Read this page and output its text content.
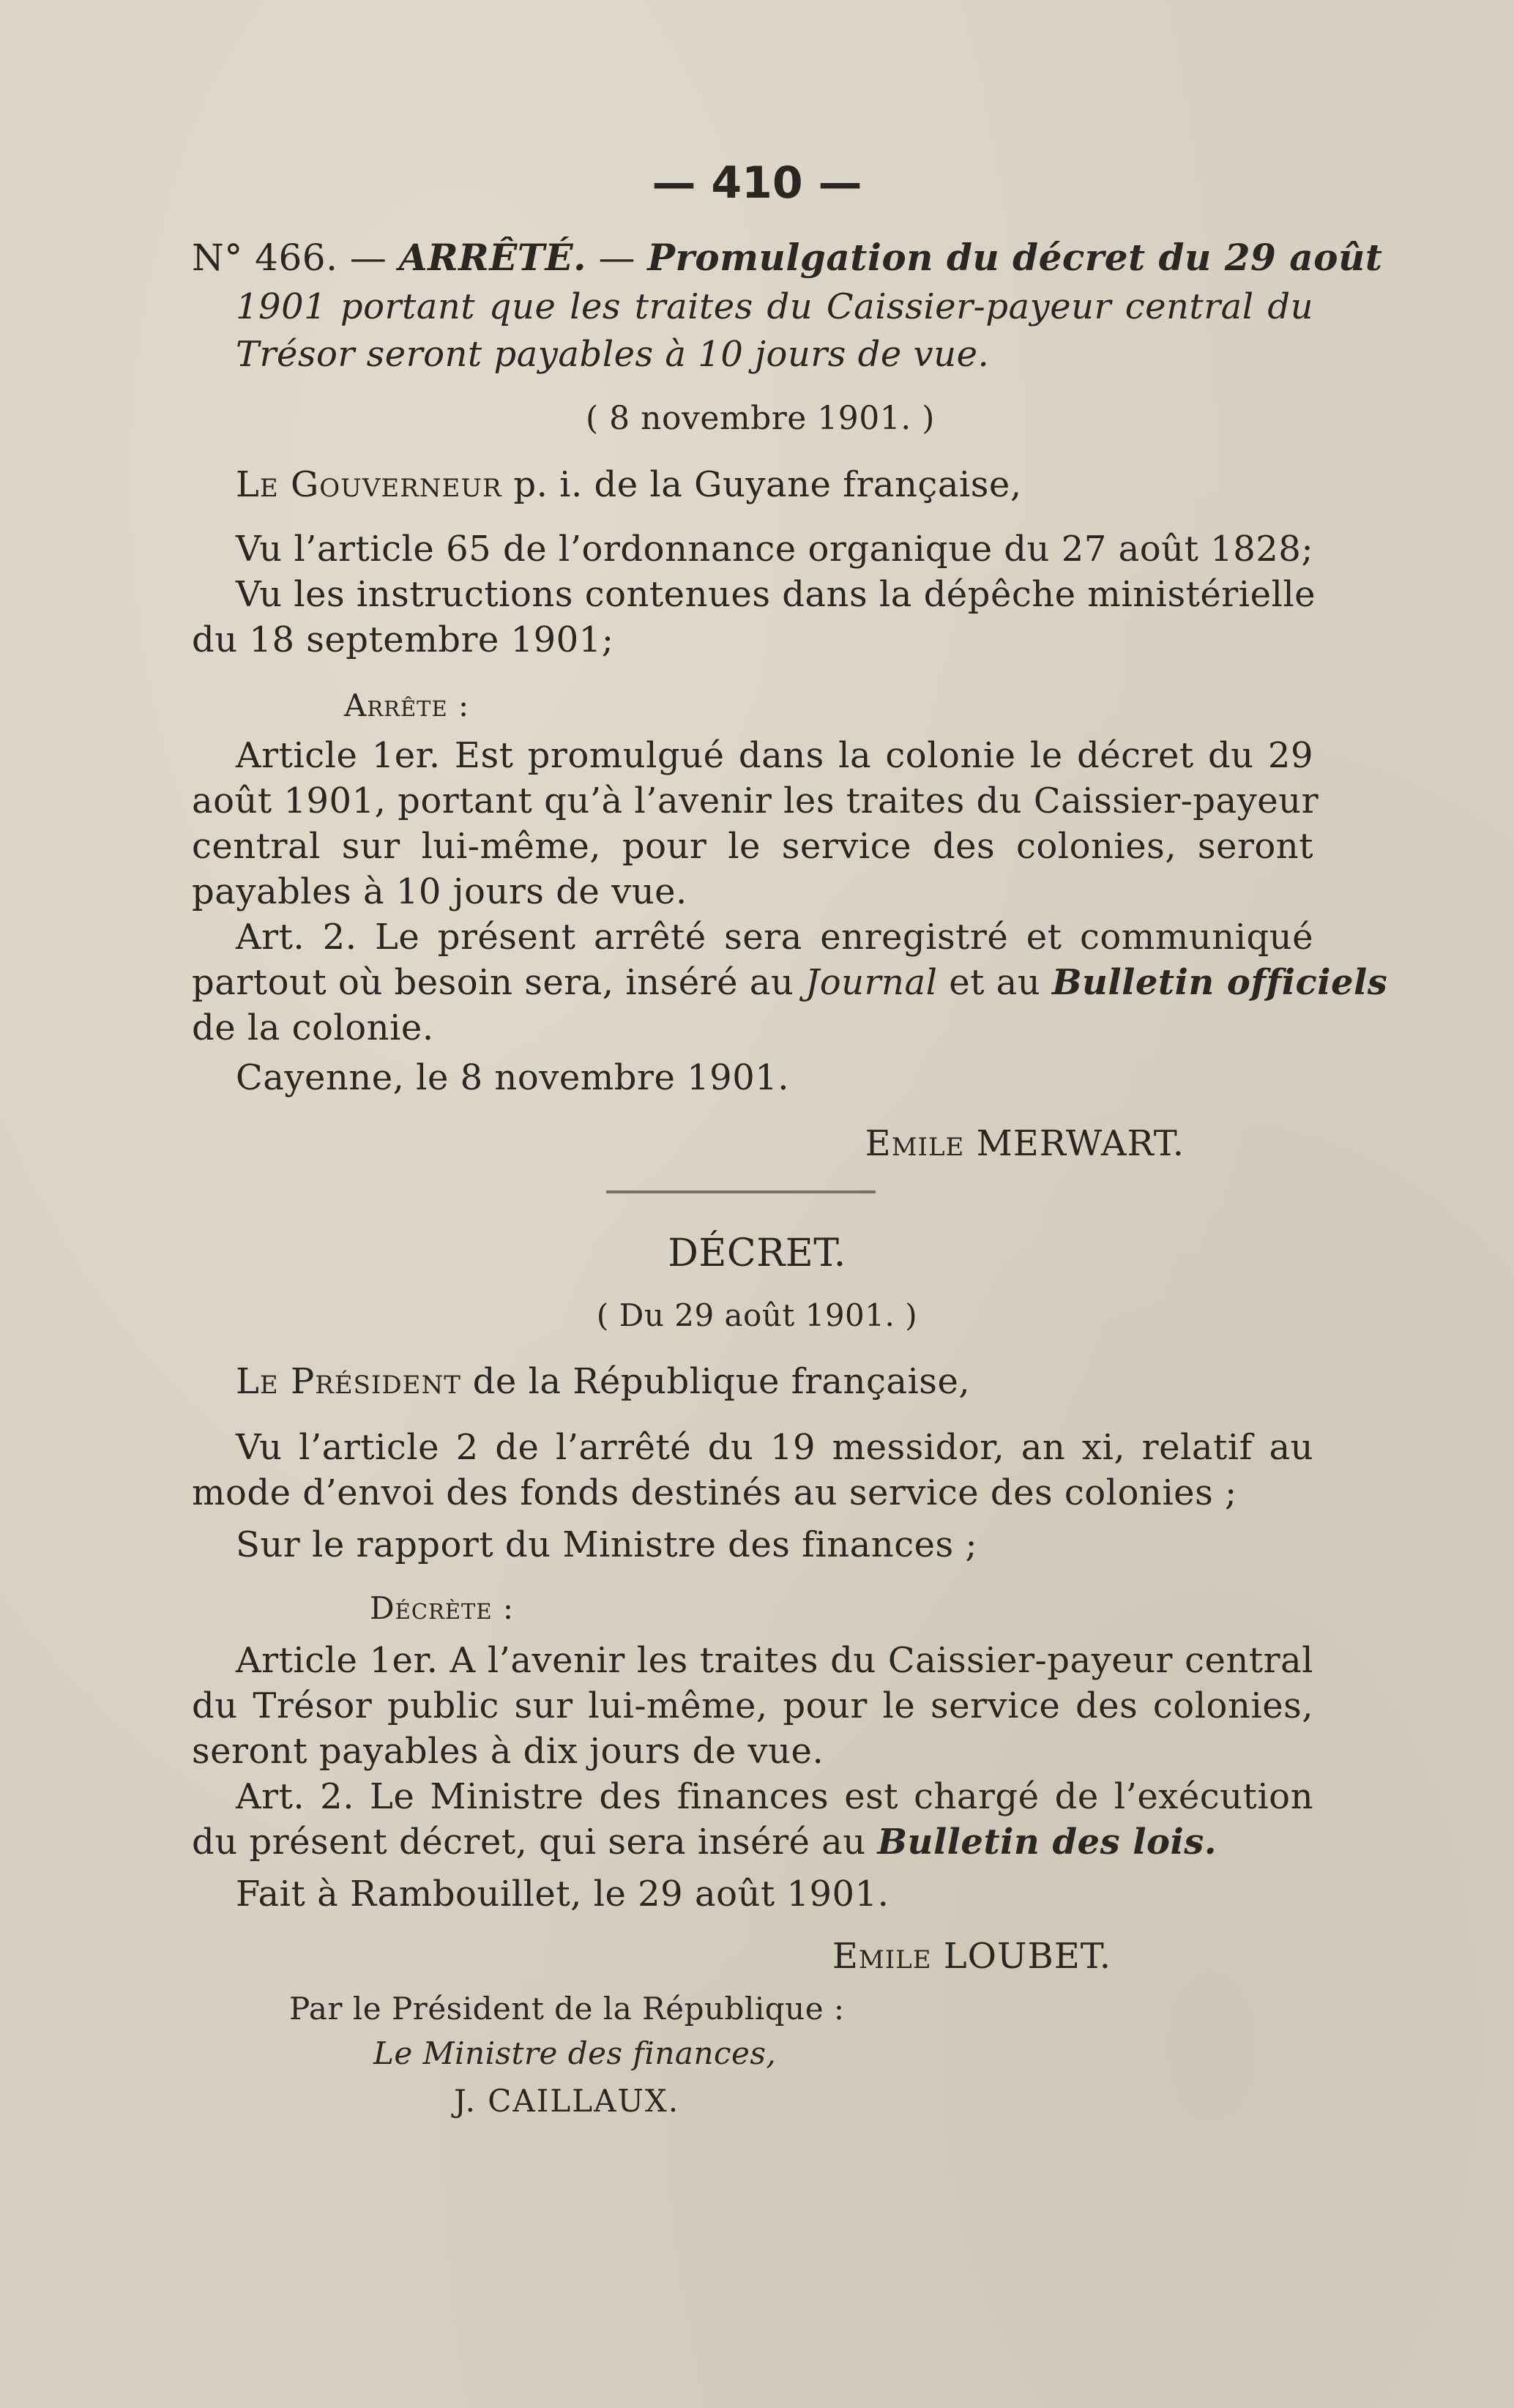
— 410 —
N° 466. — ARRÊTÉ. — Promulgation du décret du 29 août
1901 portant que les traites du Caissier-payeur central du
Trésor seront payables à 10 jours de vue.
( 8 novembre 1901. )
Le Gouverneur p. i. de la Guyane française,
Vu l’article 65 de l’ordonnance organique du 27 août 1828;
Vu les instructions contenues dans la dépêche ministérielle
du 18 septembre 1901;
Arrête :
Article 1er. Est promulgué dans la colonie le décret du 29
août 1901, portant qu’à l’avenir les traites du Caissier-payeur
central sur lui-même, pour le service des colonies, seront
payables à 10 jours de vue.
Art. 2. Le présent arrêté sera enregistré et communiqué
partout où besoin sera, inséré au Journal et au Bulletin officiels
de la colonie.
Cayenne, le 8 novembre 1901.
Emile MERWART.
DÉCRET.
( Du 29 août 1901. )
Le Président de la République française,
Vu l’article 2 de l’arrêté du 19 messidor, an xi, relatif au
mode d’envoi des fonds destinés au service des colonies ;
Sur le rapport du Ministre des finances ;
Décrète :
Article 1er. A l’avenir les traites du Caissier-payeur central
du Trésor public sur lui-même, pour le service des colonies,
seront payables à dix jours de vue.
Art. 2. Le Ministre des finances est chargé de l’exécution
du présent décret, qui sera inséré au Bulletin des lois.
Fait à Rambouillet, le 29 août 1901.
Emile LOUBET.
Par le Président de la République :
Le Ministre des finances,
J. CAILLAUX.
